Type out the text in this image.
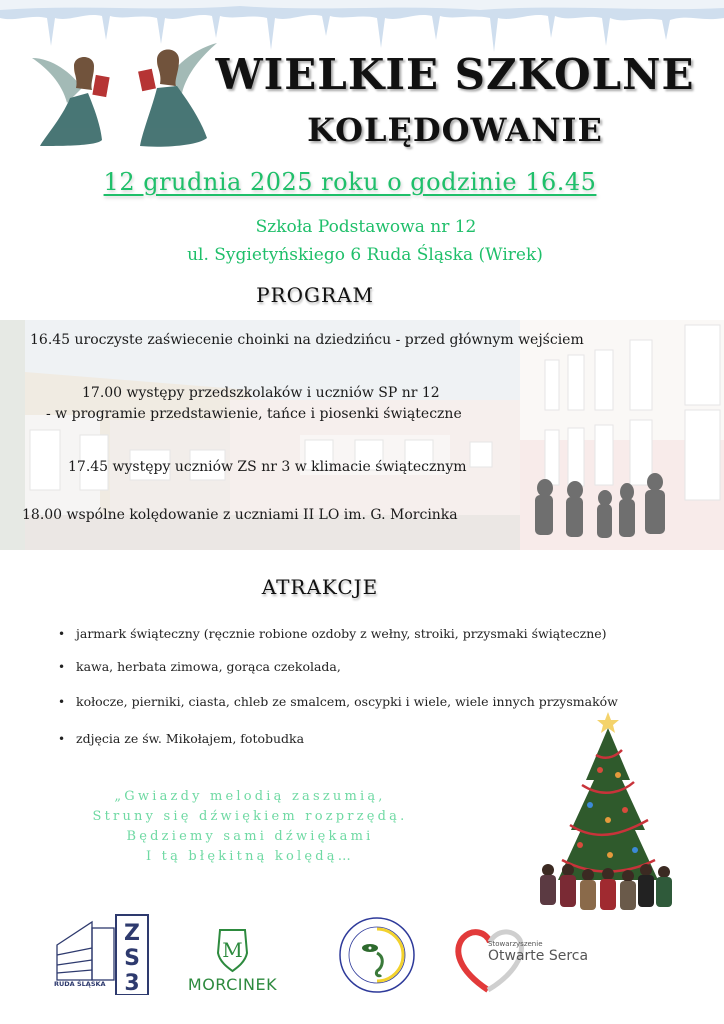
WIELKIE SZKOLNE
KOLĘDOWANIE
12 grudnia 2025 roku o godzinie 16.45
Szkoła Podstawowa nr 12
ul. Sygietyńskiego 6 Ruda Śląska (Wirek)
PROGRAM
16.45 uroczyste zaświecenie choinki na dziedzińcu - przed głównym wejściem
17.00 występy przedszkolaków i uczniów SP nr 12
- w programie przedstawienie, tańce i piosenki świąteczne
17.45 występy uczniów ZS nr 3 w klimacie świątecznym
18.00 wspólne kolędowanie z uczniami II LO im. G. Morcinka
ATRAKCJE
• jarmark świąteczny (ręcznie robione ozdoby z wełny, stroiki, przysmaki świąteczne)
• kawa, herbata zimowa, gorąca czekolada,
• kołocze, pierniki, ciasta, chleb ze smalcem, oscypki i wiele, wiele innych przysmaków
• zdjęcia ze św. Mikołajem, fotobudka
„Gwiazdy melodią zaszumią,
Struny się dźwiękiem rozprzędą.
Będziemy sami dźwiękami
I tą błękitną kolędą…
Z
S
3
RUDA ŚLĄSKA
M
MORCINEK
Stowarzyszenie
Otwarte Serca
